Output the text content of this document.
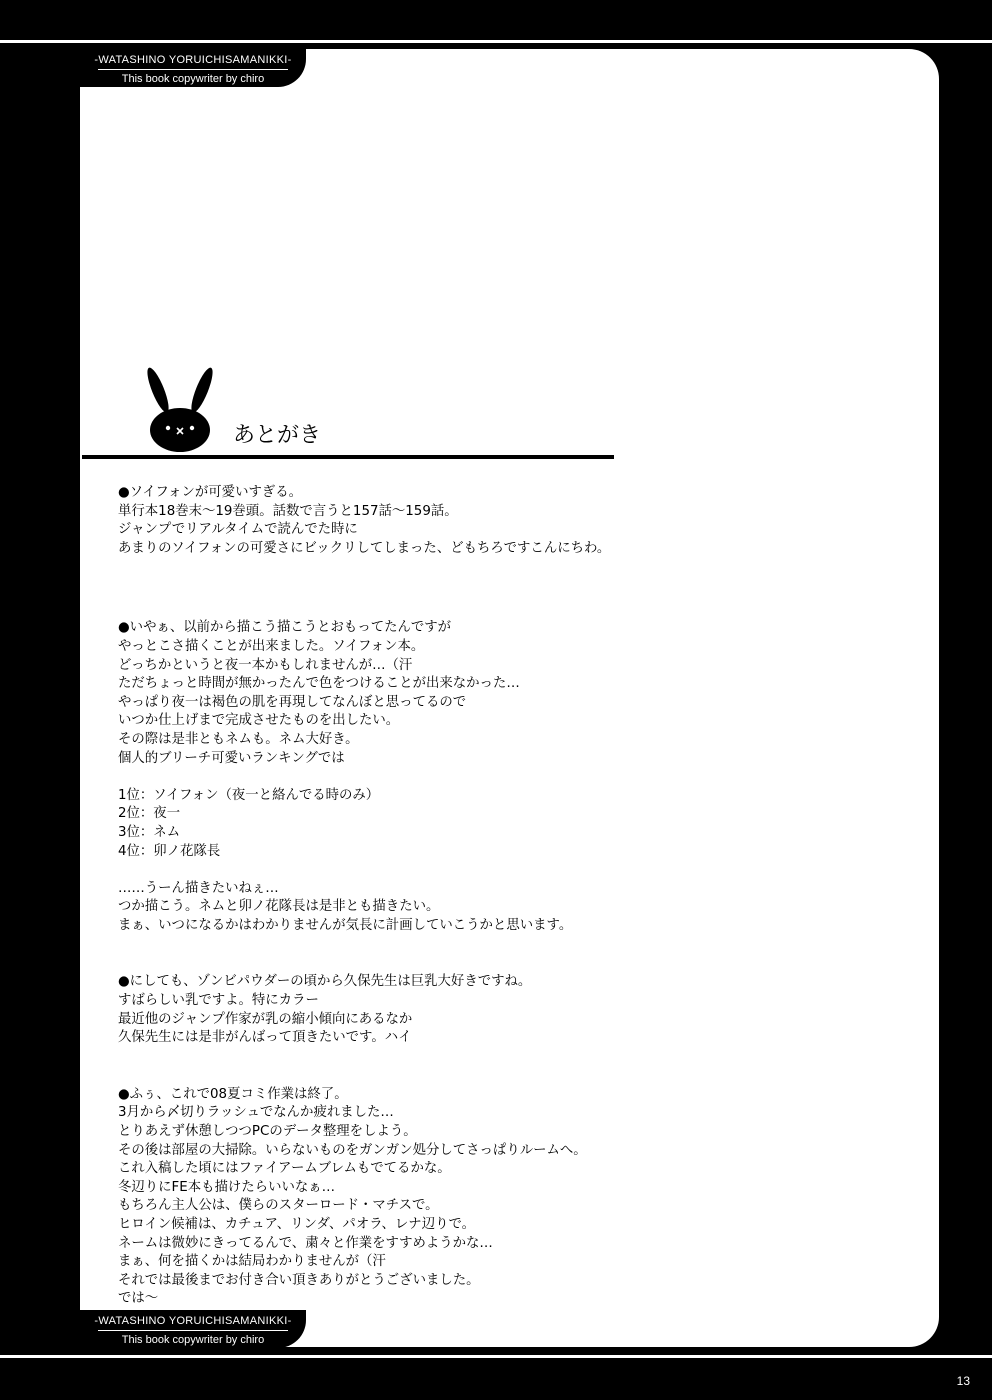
-WATASHINO YORUICHISAMANIKKI-
This book copywriter by chiro
-WATASHINO YORUICHISAMANIKKI-
This book copywriter by chiro
あとがき
●ソイフォンが可愛いすぎる。
単行本18巻末～19巻頭。話数で言うと157話～159話。
ジャンプでリアルタイムで読んでた時に
あまりのソイフォンの可愛さにビックリしてしまった、どもちろですこんにちわ。
●いやぁ、以前から描こう描こうとおもってたんですが
やっとこさ描くことが出来ました。ソイフォン本。
どっちかというと夜一本かもしれませんが…（汗
ただちょっと時間が無かったんで色をつけることが出来なかった…
やっぱり夜一は褐色の肌を再現してなんぼと思ってるので
いつか仕上げまで完成させたものを出したい。
その際は是非ともネムも。ネム大好き。
個人的ブリーチ可愛いランキングでは
1位：ソイフォン（夜一と絡んでる時のみ）
2位：夜一
3位：ネム
4位：卯ノ花隊長
……うーん描きたいねぇ…
つか描こう。ネムと卯ノ花隊長は是非とも描きたい。
まぁ、いつになるかはわかりませんが気長に計画していこうかと思います。
●にしても、ゾンビパウダーの頃から久保先生は巨乳大好きですね。
すばらしい乳ですよ。特にカラー
最近他のジャンプ作家が乳の縮小傾向にあるなか
久保先生には是非がんばって頂きたいです。ハイ
●ふぅ、これで08夏コミ作業は終了。
3月から〆切りラッシュでなんか疲れました…
とりあえず休憩しつつPCのデータ整理をしよう。
その後は部屋の大掃除。いらないものをガンガン処分してさっぱりルームへ。
これ入稿した頃にはファイアームブレムもでてるかな。
冬辺りにFE本も描けたらいいなぁ…
もちろん主人公は、僕らのスターロード・マチスで。
ヒロイン候補は、カチュア、リンダ、パオラ、レナ辺りで。
ネームは微妙にきってるんで、粛々と作業をすすめようかな…
まぁ、何を描くかは結局わかりませんが（汗
それでは最後までお付き合い頂きありがとうございました。
では～
13
